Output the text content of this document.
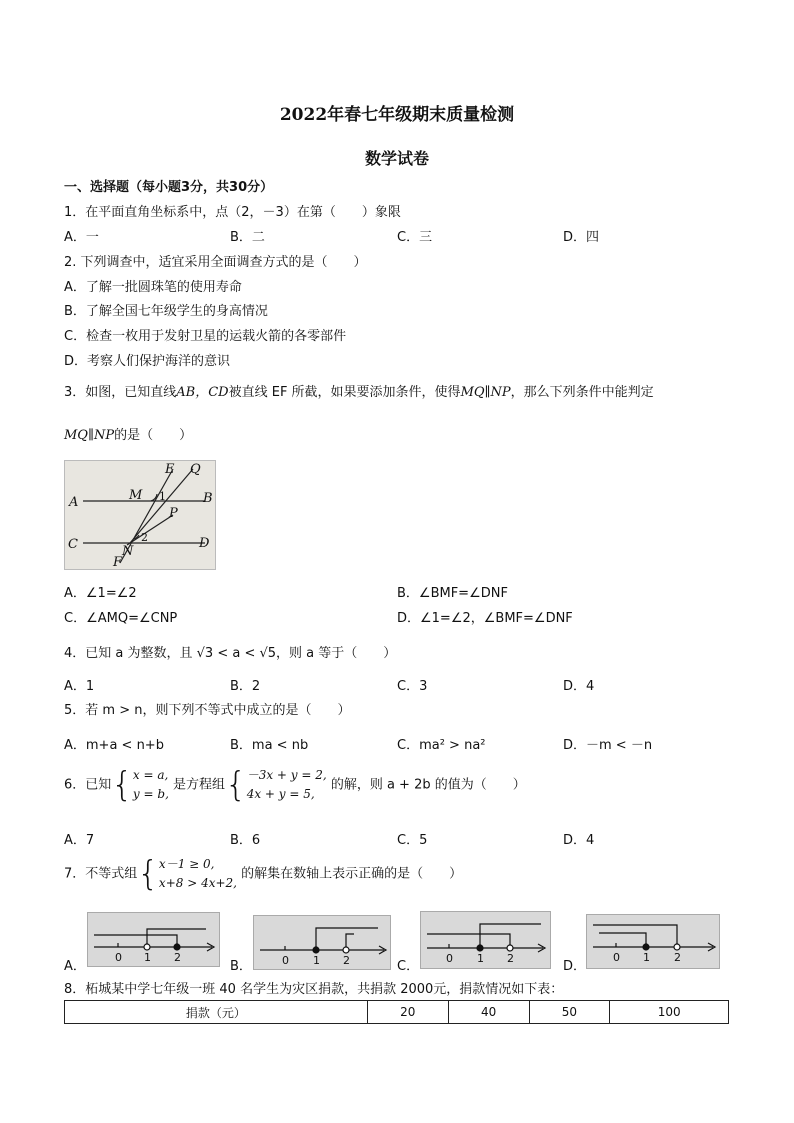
2022年春七年级期末质量检测
数学试卷
一、选择题（每小题3分，共30分）
1．在平面直角坐标系中，点（2，－3）在第（　　）象限
A．一	B．二	C．三	D．四
2. 下列调查中，适宜采用全面调查方式的是（　　）
A．了解一批圆珠笔的使用寿命
B．了解全国七年级学生的身高情况
C．检查一枚用于发射卫星的运载火箭的各零部件
D．考察人们保护海洋的意识
3．如图，已知直线AB，CD被直线 EF 所截，如果要添加条件，使得MQ∥NP，那么下列条件中能判定
MQ∥NP的是（　　）
E Q
M 1
A	B
P
C	2
N
D
F
A．∠1=∠2	B．∠BMF=∠DNF
C．∠AMQ=∠CNP	D．∠1=∠2，∠BMF=∠DNF
4．已知 a 为整数，且 √3 < a < √5，则 a 等于（　　）
A．1	B．2	C．3	D．4
5．若 m > n，则下列不等式中成立的是（　　）
A．m+a < n+b	B．ma < nb	C．ma² > na²	D．－m < －n
6．已知{x = a,
y = b, 是方程组{－3x + y = 2,
4x + y = 5, 的解，则 a + 2b 的值为（　　）
A．7	B．6	C．5	D．4
7．不等式组{x－1 ≥ 0,
x+8 > 4x+2, 的解集在数轴上表示正确的是（　　）
A．
0 1 2
B．	0 1 2	C．
0 1 2
D．
0 1 2
8．柘城某中学七年级一班 40 名学生为灾区捐款，共捐款 2000元，捐款情况如下表：
捐款（元）	20	40	50	100
